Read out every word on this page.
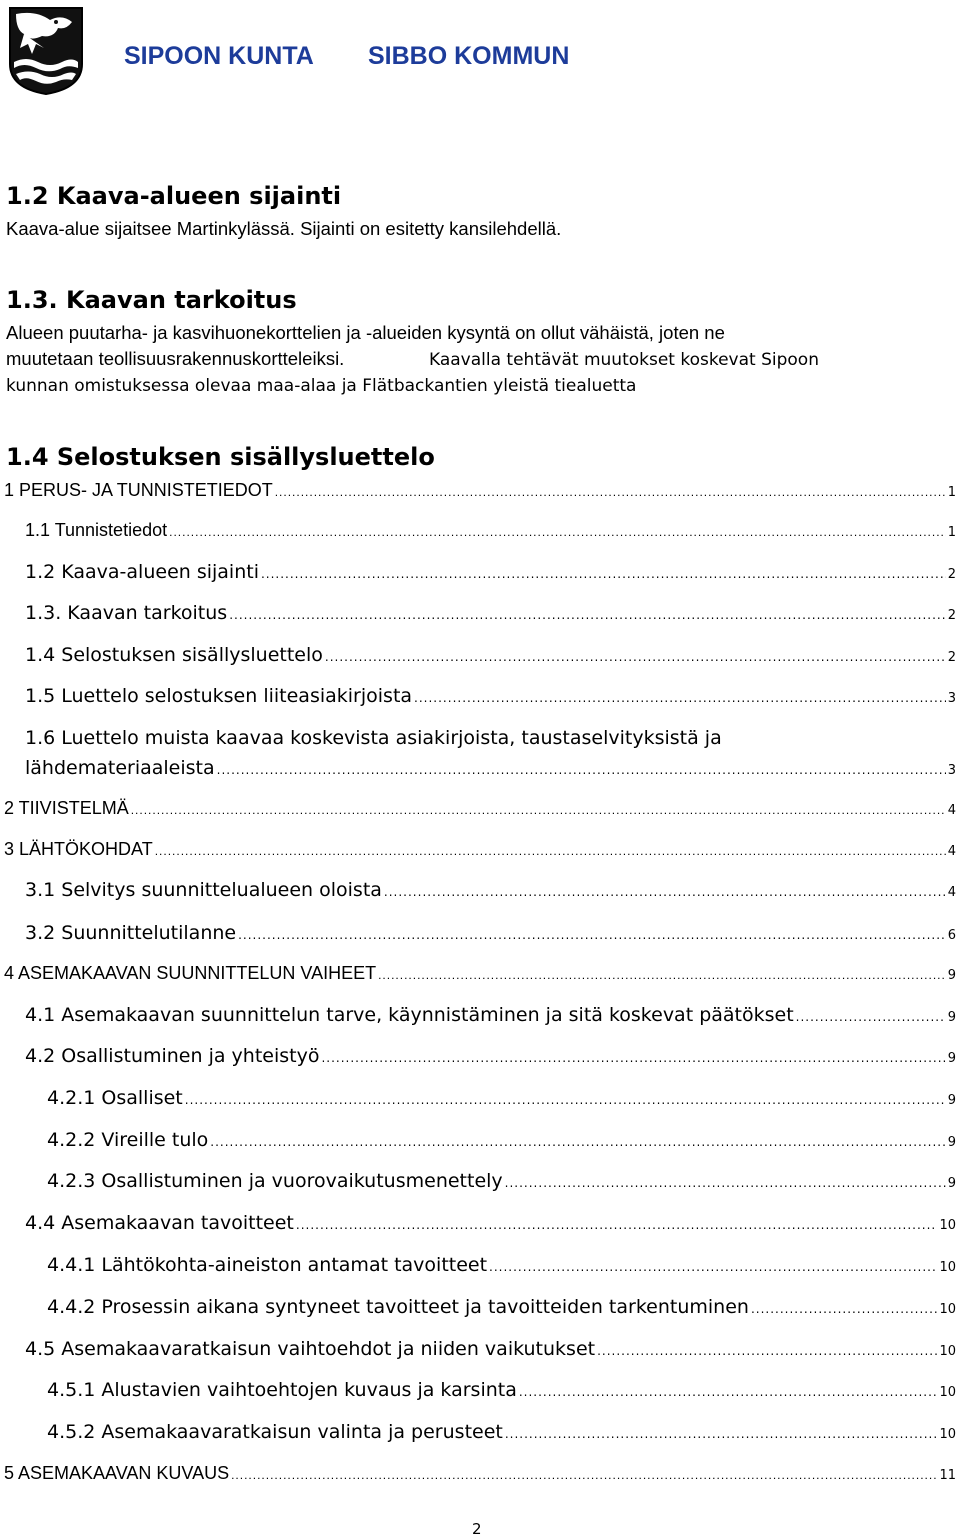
SIPOON KUNTA SIBBO KOMMUN
1.2 Kaava-alueen sijainti
Kaava-alue sijaitsee Martinkylässä. Sijainti on esitetty kansilehdellä.
1.3. Kaavan tarkoitus
Alueen puutarha- ja kasvihuonekorttelien ja -alueiden kysyntä on ollut vähäistä, joten ne
muutetaan teollisuusrakennuskortteleiksi.	Kaavalla tehtävät muutokset koskevat Sipoon
kunnan omistuksessa olevaa maa-alaa ja Flätbackantien yleistä tiealuetta
1.4 Selostuksen sisällysluettelo
1 PERUS- JA TUNNISTETIEDOT .....	1
1.1 Tunnistetiedot .....	1
1.2 Kaava-alueen sijainti .....	2
1.3. Kaavan tarkoitus .....	2
1.4 Selostuksen sisällysluettelo .....	2
1.5 Luettelo selostuksen liiteasiakirjoista .....	3
1.6 Luettelo muista kaavaa koskevista asiakirjoista, taustaselvityksistä ja
lähdemateriaaleista .....	3
2 TIIVISTELMÄ .....	4
3 LÄHTÖKOHDAT .....	4
3.1 Selvitys suunnittelualueen oloista .....	4
3.2 Suunnittelutilanne .....	6
4 ASEMAKAAVAN SUUNNITTELUN VAIHEET .....	9
4.1 Asemakaavan suunnittelun tarve, käynnistäminen ja sitä koskevat päätökset .....	9
4.2 Osallistuminen ja yhteistyö .....	9
4.2.1 Osalliset .....	9
4.2.2 Vireille tulo .....	9
4.2.3 Osallistuminen ja vuorovaikutusmenettely .....	9
4.4 Asemakaavan tavoitteet .....	10
4.4.1 Lähtökohta-aineiston antamat tavoitteet .....	10
4.4.2 Prosessin aikana syntyneet tavoitteet ja tavoitteiden tarkentuminen .....	10
4.5 Asemakaavaratkaisun vaihtoehdot ja niiden vaikutukset .....	10
4.5.1 Alustavien vaihtoehtojen kuvaus ja karsinta .....	10
4.5.2 Asemakaavaratkaisun valinta ja perusteet .....	10
5 ASEMAKAAVAN KUVAUS .....	11
2
